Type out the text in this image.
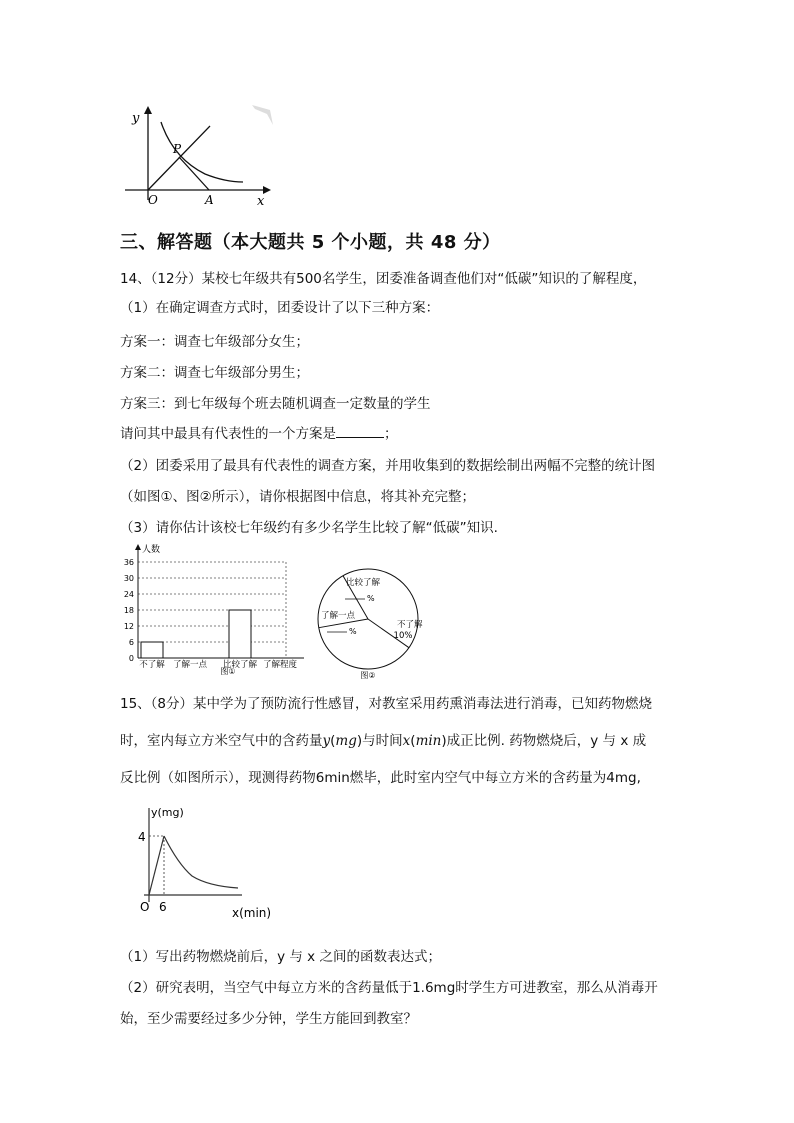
y
x
O
P
A
三、解答题（本大题共 5 个小题，共 48 分）
14、（12分）某校七年级共有500名学生，团委准备调查他们对“低碳”知识的了解程度，
（1）在确定调查方式时，团委设计了以下三种方案：
方案一：调查七年级部分女生；
方案二：调查七年级部分男生；
方案三：到七年级每个班去随机调查一定数量的学生
请问其中最具有代表性的一个方案是	；
（2）团委采用了最具有代表性的调查方案，并用收集到的数据绘制出两幅不完整的统计图
（如图①、图②所示），请你根据图中信息，将其补充完整；
（3）请你估计该校七年级约有多少名学生比较了解“低碳”知识.
0
6
12
18
24
30
36
人数
不了解 了解一点 比较了解 了解程度
图①
比较了解
%
了解一点
%
不了解
10%
图②
15、（8分）某中学为了预防流行性感冒，对教室采用药熏消毒法进行消毒，已知药物燃烧
时，室内每立方米空气中的含药量y(mg)与时间x(min)成正比例. 药物燃烧后，y 与 x 成
反比例（如图所示），现测得药物6min燃毕，此时室内空气中每立方米的含药量为4mg,
y(mg)
4
O 6	x(min)
（1）写出药物燃烧前后，y 与 x 之间的函数表达式；
（2）研究表明，当空气中每立方米的含药量低于1.6mg时学生方可进教室，那么从消毒开
始，至少需要经过多少分钟，学生方能回到教室？
